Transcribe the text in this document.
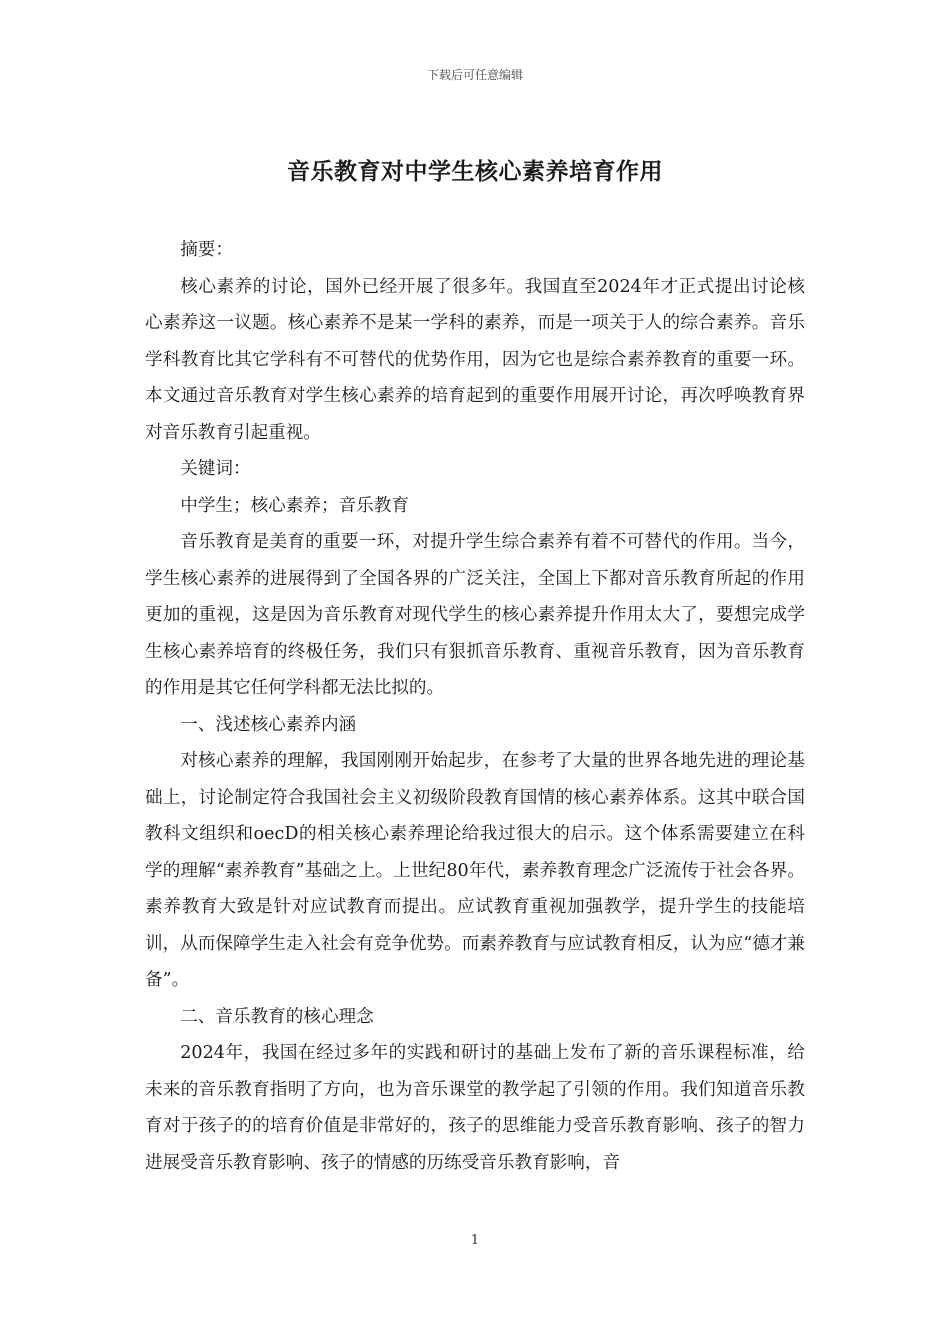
下载后可任意编辑
音乐教育对中学生核心素养培育作用

摘要：

核心素养的讨论，国外已经开展了很多年。我国直至2024年才正式提出讨论核心素养这一议题。核心素养不是某一学科的素养，而是一项关于人的综合素养。音乐学科教育比其它学科有不可替代的优势作用，因为它也是综合素养教育的重要一环。本文通过音乐教育对学生核心素养的培育起到的重要作用展开讨论，再次呼唤教育界对音乐教育引起重视。

关键词：

中学生；核心素养；音乐教育

音乐教育是美育的重要一环，对提升学生综合素养有着不可替代的作用。当今，学生核心素养的进展得到了全国各界的广泛关注，全国上下都对音乐教育所起的作用更加的重视，这是因为音乐教育对现代学生的核心素养提升作用太大了，要想完成学生核心素养培育的终极任务，我们只有狠抓音乐教育、重视音乐教育，因为音乐教育的作用是其它任何学科都无法比拟的。

一、浅述核心素养内涵

对核心素养的理解，我国刚刚开始起步，在参考了大量的世界各地先进的理论基础上，讨论制定符合我国社会主义初级阶段教育国情的核心素养体系。这其中联合国教科文组织和oecD的相关核心素养理论给我过很大的启示。这个体系需要建立在科学的理解“素养教育”基础之上。上世纪80年代，素养教育理念广泛流传于社会各界。素养教育大致是针对应试教育而提出。应试教育重视加强教学，提升学生的技能培训，从而保障学生走入社会有竞争优势。而素养教育与应试教育相反，认为应“德才兼备”。

二、音乐教育的核心理念

2024年，我国在经过多年的实践和研讨的基础上发布了新的音乐课程标准，给未来的音乐教育指明了方向，也为音乐课堂的教学起了引领的作用。我们知道音乐教育对于孩子的的培育价值是非常好的，孩子的思维能力受音乐教育影响、孩子的智力进展受音乐教育影响、孩子的情感的历练受音乐教育影响，音

1
